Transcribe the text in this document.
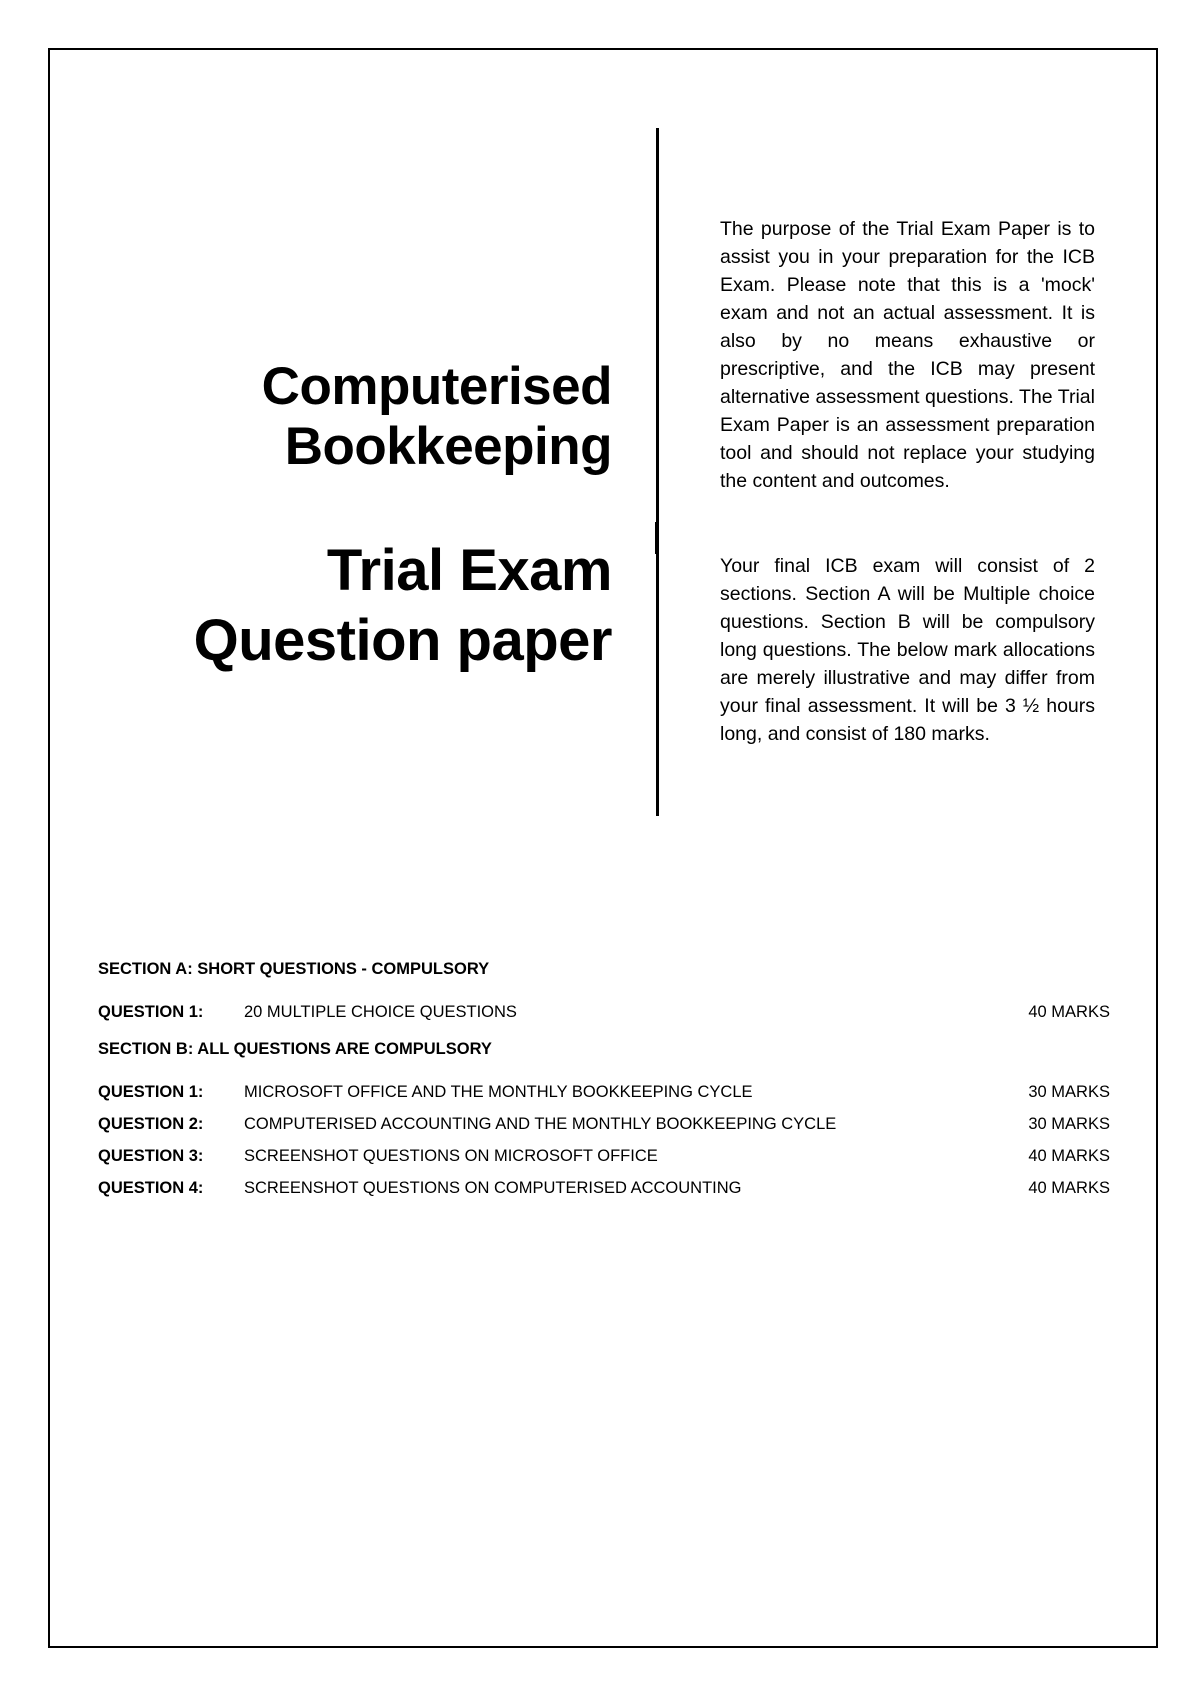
Computerised
Bookkeeping
Trial Exam
Question paper

The purpose of the Trial Exam Paper is to assist you in your preparation for the ICB Exam. Please note that this is a 'mock' exam and not an actual assessment. It is also by no means exhaustive or prescriptive, and the ICB may present alternative assessment questions. The Trial Exam Paper is an assessment preparation tool and should not replace your studying the content and outcomes.

Your final ICB exam will consist of 2 sections. Section A will be Multiple choice questions. Section B will be compulsory long questions. The below mark allocations are merely illustrative and may differ from your final assessment. It will be 3 ½ hours long, and consist of 180 marks.

SECTION A: SHORT QUESTIONS - COMPULSORY
QUESTION 1: 20 MULTIPLE CHOICE QUESTIONS	40 MARKS
SECTION B: ALL QUESTIONS ARE COMPULSORY
QUESTION 1: MICROSOFT OFFICE AND THE MONTHLY BOOKKEEPING CYCLE	30 MARKS
QUESTION 2: COMPUTERISED ACCOUNTING AND THE MONTHLY BOOKKEEPING CYCLE	30 MARKS
QUESTION 3: SCREENSHOT QUESTIONS ON MICROSOFT OFFICE	40 MARKS
QUESTION 4: SCREENSHOT QUESTIONS ON COMPUTERISED ACCOUNTING	40 MARKS
